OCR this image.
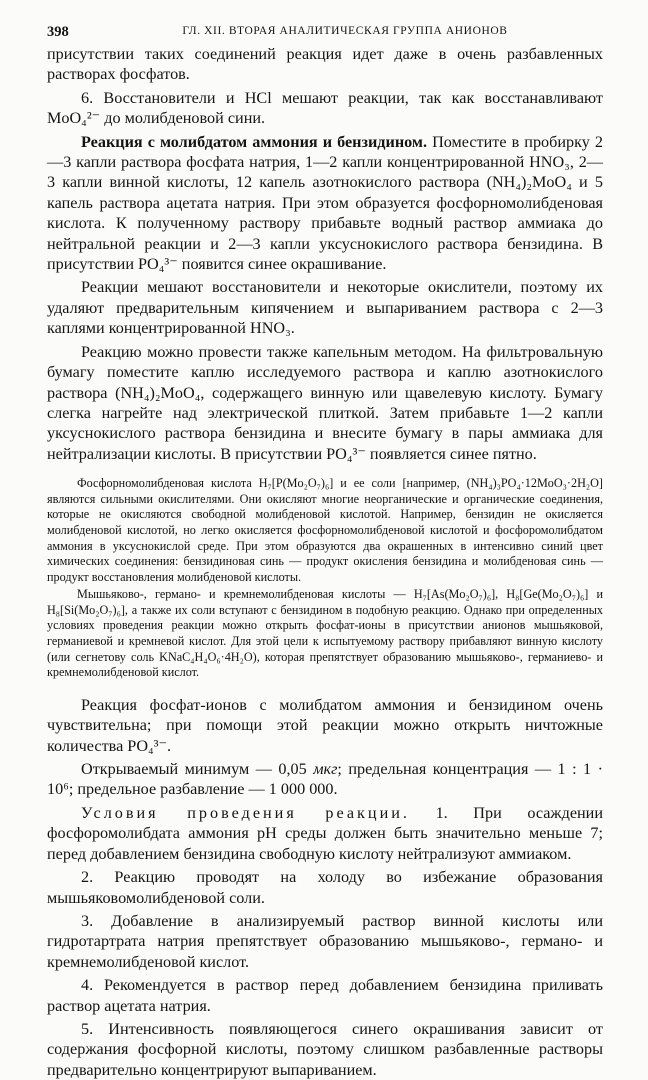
398	ГЛ. XII. ВТОРАЯ АНАЛИТИЧЕСКАЯ ГРУППА АНИОНОВ

присутствии таких соединений реакция идет даже в очень разбавленных растворах фосфатов.

6. Восстановители и HCl мешают реакции, так как восстанавливают MoO₄²⁻ до молибденовой сини.

Реакция с молибдатом аммония и бензидином. Поместите в пробирку 2—3 капли раствора фосфата натрия, 1—2 капли концентрированной HNO₃, 2—3 капли винной кислоты, 12 капель азотнокислого раствора (NH₄)₂MoO₄ и 5 капель раствора ацетата натрия. При этом образуется фосфорномолибденовая кислота. К полученному раствору прибавьте водный раствор аммиака до нейтральной реакции и 2—3 капли уксуснокислого раствора бензидина. В присутствии PO₄³⁻ появится синее окрашивание.

Реакции мешают восстановители и некоторые окислители, поэтому их удаляют предварительным кипячением и выпариванием раствора с 2—3 каплями концентрированной HNO₃.

Реакцию можно провести также капельным методом. На фильтровальную бумагу поместите каплю исследуемого раствора и каплю азотнокислого раствора (NH₄)₂MoO₄, содержащего винную или щавелевую кислоту. Бумагу слегка нагрейте над электрической плиткой. Затем прибавьте 1—2 капли уксуснокислого раствора бензидина и внесите бумагу в пары аммиака для нейтрализации кислоты. В присутствии PO₄³⁻ появляется синее пятно.

Фосфорномолибденовая кислота H₇[P(Mo₂O₇)₆] и ее соли [например, (NH₄)₃PO₄·12MoO₃·2H₂O] являются сильными окислителями. Они окисляют многие неорганические и органические соединения, которые не окисляются свободной молибденовой кислотой. Например, бензидин не окисляется молибденовой кислотой, но легко окисляется фосфорномолибденовой кислотой и фосфоромолибдатом аммония в уксуснокислой среде. При этом образуются два окрашенных в интенсивно синий цвет химических соединения: бензидиновая синь — продукт окисления бензидина и молибденовая синь — продукт восстановления молибденовой кислоты.

Мышьяково-, германо- и кремнемолибденовая кислоты — H₇[As(Mo₂O₇)₆], H₈[Ge(Mo₂O₇)₆] и H₈[Si(Mo₂O₇)₆], а также их соли вступают с бензидином в подобную реакцию. Однако при определенных условиях проведения реакции можно открыть фосфат-ионы в присутствии анионов мышьяковой, германиевой и кремневой кислот. Для этой цели к испытуемому раствору прибавляют винную кислоту (или сегнетову соль KNaC₄H₄O₆·4H₂O), которая препятствует образованию мышьяково-, германиево- и кремнемолибденовой кислот.

Реакция фосфат-ионов с молибдатом аммония и бензидином очень чувствительна; при помощи этой реакции можно открыть ничтожные количества PO₄³⁻.

Открываемый минимум — 0,05 мкг; предельная концентрация — 1 : 1 · 10⁶; предельное разбавление — 1 000 000.

Условия проведения реакции. 1. При осаждении фосфоромолибдата аммония pH среды должен быть значительно меньше 7; перед добавлением бензидина свободную кислоту нейтрализуют аммиаком.

2. Реакцию проводят на холоду во избежание образования мышьяковомолибденовой соли.

3. Добавление в анализируемый раствор винной кислоты или гидротартрата натрия препятствует образованию мышьяково-, германо- и кремнемолибденовой кислот.

4. Рекомендуется в раствор перед добавлением бензидина приливать раствор ацетата натрия.

5. Интенсивность появляющегося синего окрашивания зависит от содержания фосфорной кислоты, поэтому слишком разбавленные растворы предварительно концентрируют выпариванием.
